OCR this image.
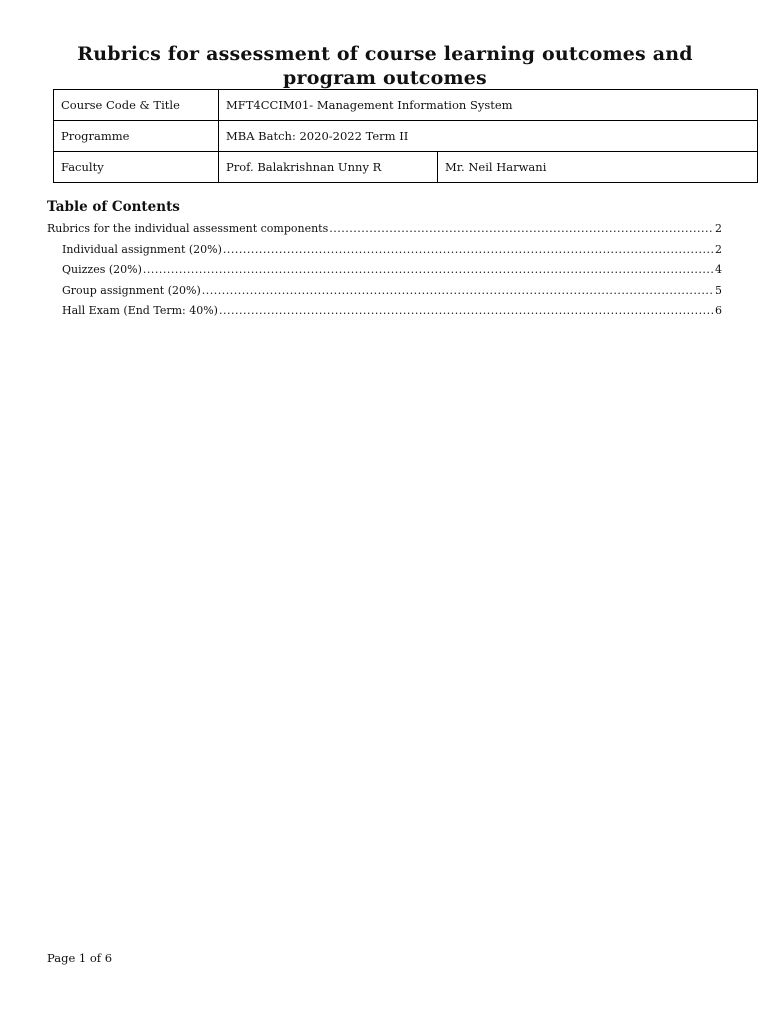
Rubrics for assessment of course learning outcomes and program outcomes
Course Code & Title	MFT4CCIM01- Management Information System	
Programme	MBA Batch: 2020-2022 Term II	
Faculty	Prof. Balakrishnan Unny R	Mr. Neil Harwani
Table of Contents
Rubrics for the individual assessment components .....	2
Individual assignment (20%) .....	2
Quizzes (20%) .....	4
Group assignment (20%) .....	5
Hall Exam (End Term: 40%) .....	6
Page 1 of 6
